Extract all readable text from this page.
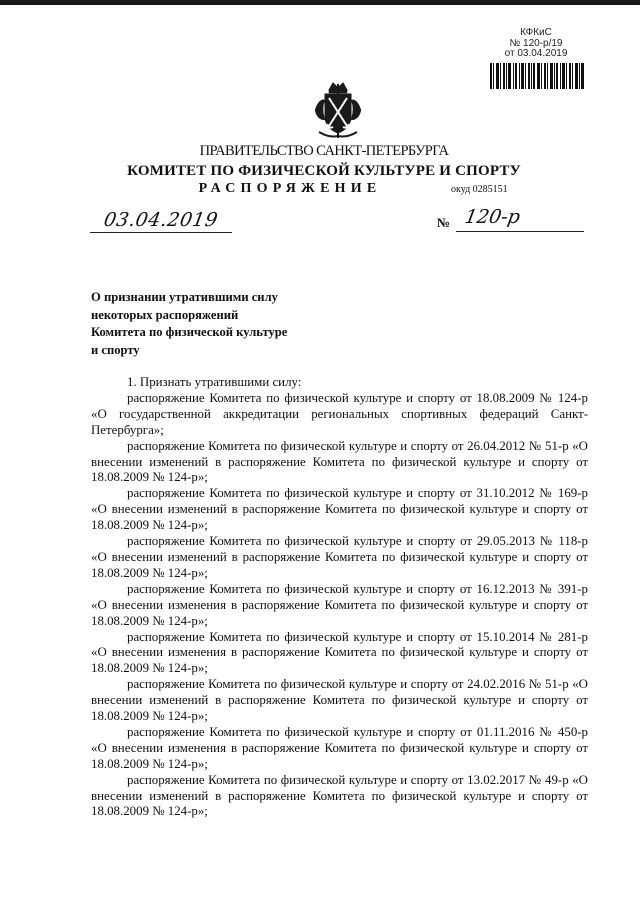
КФКиС
№ 120-р/19
от 03.04.2019
ПРАВИТЕЛЬСТВО САНКТ-ПЕТЕРБУРГА
КОМИТЕТ ПО ФИЗИЧЕСКОЙ КУЛЬТУРЕ И СПОРТУ
РАСПОРЯЖЕНИЕ	окуд 0285151
03.04.2019	№ 120-р
О признании утратившими силу
некоторых распоряжений
Комитета по физической культуре
и спорту

1. Признать утратившими силу:

распоряжение Комитета по физической культуре и спорту от 18.08.2009 № 124-р «О государственной аккредитации региональных спортивных федераций Санкт-Петербурга»;

распоряжение Комитета по физической культуре и спорту от 26.04.2012 № 51-р «О внесении изменений в распоряжение Комитета по физической культуре и спорту от 18.08.2009 № 124-р»;

распоряжение Комитета по физической культуре и спорту от 31.10.2012 № 169-р «О внесении изменений в распоряжение Комитета по физической культуре и спорту от 18.08.2009 № 124-р»;

распоряжение Комитета по физической культуре и спорту от 29.05.2013 № 118-р «О внесении изменений в распоряжение Комитета по физической культуре и спорту от 18.08.2009 № 124-р»;

распоряжение Комитета по физической культуре и спорту от 16.12.2013 № 391-р «О внесении изменения в распоряжение Комитета по физической культуре и спорту от 18.08.2009 № 124-р»;

распоряжение Комитета по физической культуре и спорту от 15.10.2014 № 281-р «О внесении изменения в распоряжение Комитета по физической культуре и спорту от 18.08.2009 № 124-р»;

распоряжение Комитета по физической культуре и спорту от 24.02.2016 № 51-р «О внесении изменений в распоряжение Комитета по физической культуре и спорту от 18.08.2009 № 124-р»;

распоряжение Комитета по физической культуре и спорту от 01.11.2016 № 450-р «О внесении изменения в распоряжение Комитета по физической культуре и спорту от 18.08.2009 № 124-р»;

распоряжение Комитета по физической культуре и спорту от 13.02.2017 № 49-р «О внесении изменений в распоряжение Комитета по физической культуре и спорту от 18.08.2009 № 124-р»;
